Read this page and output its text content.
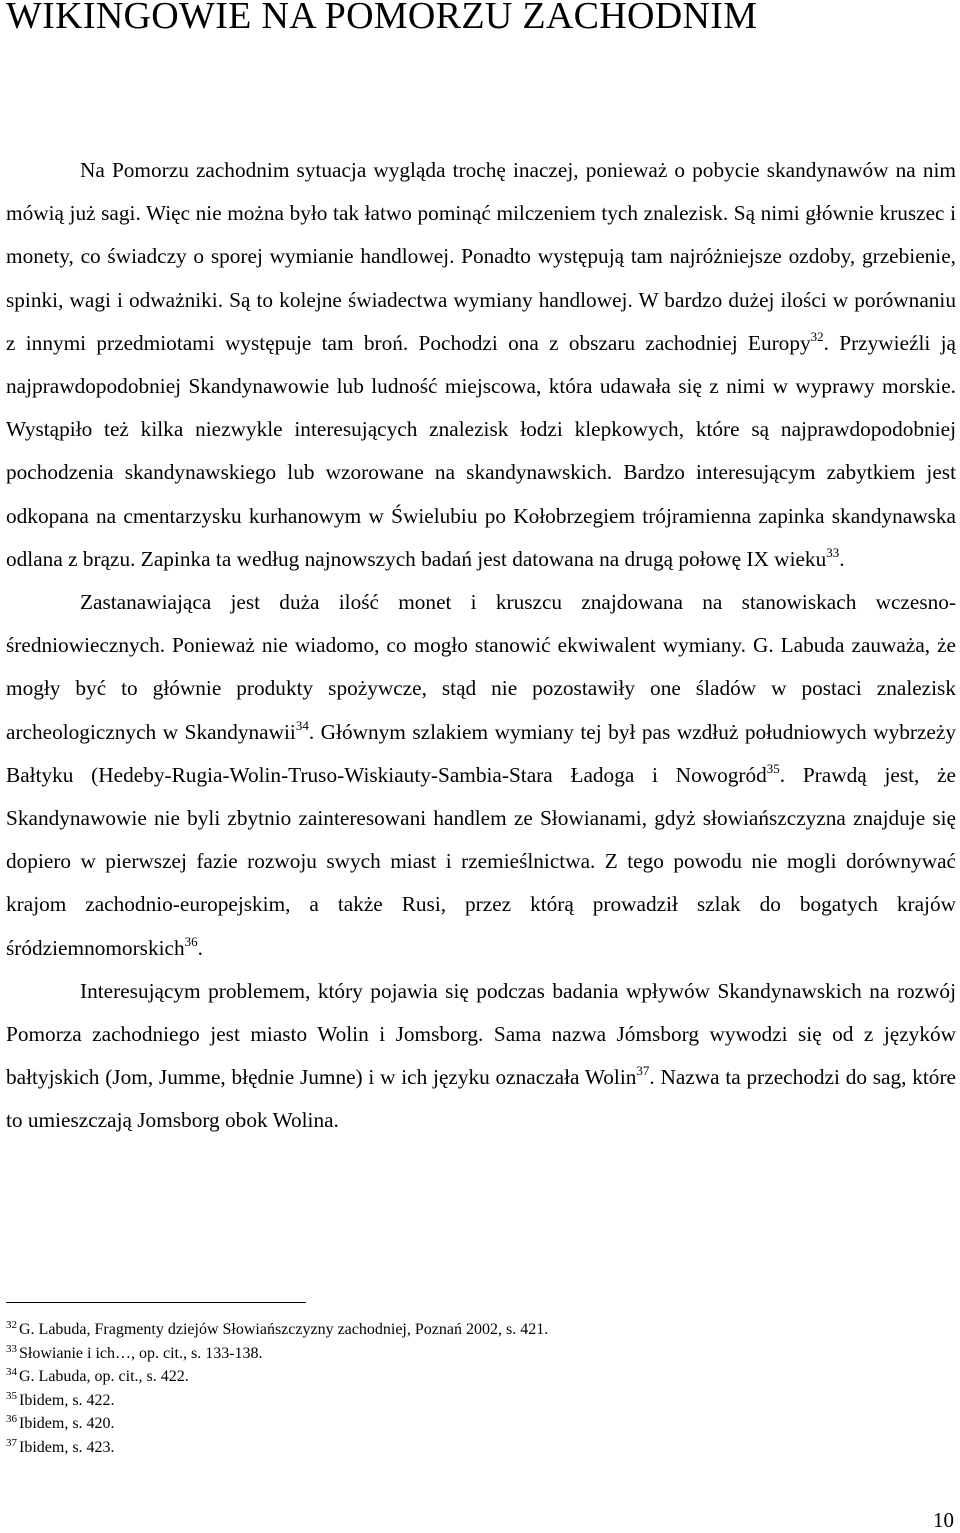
WIKINGOWIE NA POMORZU ZACHODNIM

Na Pomorzu zachodnim sytuacja wygląda trochę inaczej, ponieważ o pobycie skandynawów na nim mówią już sagi. Więc nie można było tak łatwo pominąć milczeniem tych znalezisk. Są nimi głównie kruszec i monety, co świadczy o sporej wymianie handlowej. Ponadto występują tam najróżniejsze ozdoby, grzebienie, spinki, wagi i odważniki. Są to kolejne świadectwa wymiany handlowej. W bardzo dużej ilości w porównaniu z innymi przedmiotami występuje tam broń. Pochodzi ona z obszaru zachodniej Europy$^{32}$. Przywieźli ją najprawdopodobniej Skandynawowie lub ludność miejscowa, która udawała się z nimi w wyprawy morskie. Wystąpiło też kilka niezwykle interesujących znalezisk łodzi klepkowych, które są najprawdopodobniej pochodzenia skandynawskiego lub wzorowane na skandynawskich. Bardzo interesującym zabytkiem jest odkopana na cmentarzysku kurhanowym w Świelubiu po Kołobrzegiem trójramienna zapinka skandynawska odlana z brązu. Zapinka ta według najnowszych badań jest datowana na drugą połowę IX wieku$^{33}$.

Zastanawiająca jest duża ilość monet i kruszcu znajdowana na stanowiskach wczesno-średniowiecznych. Ponieważ nie wiadomo, co mogło stanowić ekwiwalent wymiany. G. Labuda zauważa, że mogły być to głównie produkty spożywcze, stąd nie pozostawiły one śladów w postaci znalezisk archeologicznych w Skandynawii$^{34}$. Głównym szlakiem wymiany tej był pas wzdłuż południowych wybrzeży Bałtyku (Hedeby-Rugia-Wolin-Truso-Wiskiauty-Sambia-Stara Ładoga i Nowogród$^{35}$. Prawdą jest, że Skandynawowie nie byli zbytnio zainteresowani handlem ze Słowianami, gdyż słowiańszczyzna znajduje się dopiero w pierwszej fazie rozwoju swych miast i rzemieślnictwa. Z tego powodu nie mogli dorównywać krajom zachodnio-europejskim, a także Rusi, przez którą prowadził szlak do bogatych krajów śródziemnomorskich$^{36}$.

Interesującym problemem, który pojawia się podczas badania wpływów Skandynawskich na rozwój Pomorza zachodniego jest miasto Wolin i Jomsborg. Sama nazwa Jómsborg wywodzi się od z języków bałtyjskich (Jom, Jumme, błędnie Jumne) i w ich języku oznaczała Wolin$^{37}$. Nazwa ta przechodzi do sag, które to umieszczają Jomsborg obok Wolina.

$^{32}$ G. Labuda, Fragmenty dziejów Słowiańszczyzny zachodniej, Poznań 2002, s. 421.
$^{33}$ Słowianie i ich…, op. cit., s. 133-138.
$^{34}$ G. Labuda, op. cit., s. 422.
$^{35}$ Ibidem, s. 422.
$^{36}$ Ibidem, s. 420.
$^{37}$ Ibidem, s. 423.
10
